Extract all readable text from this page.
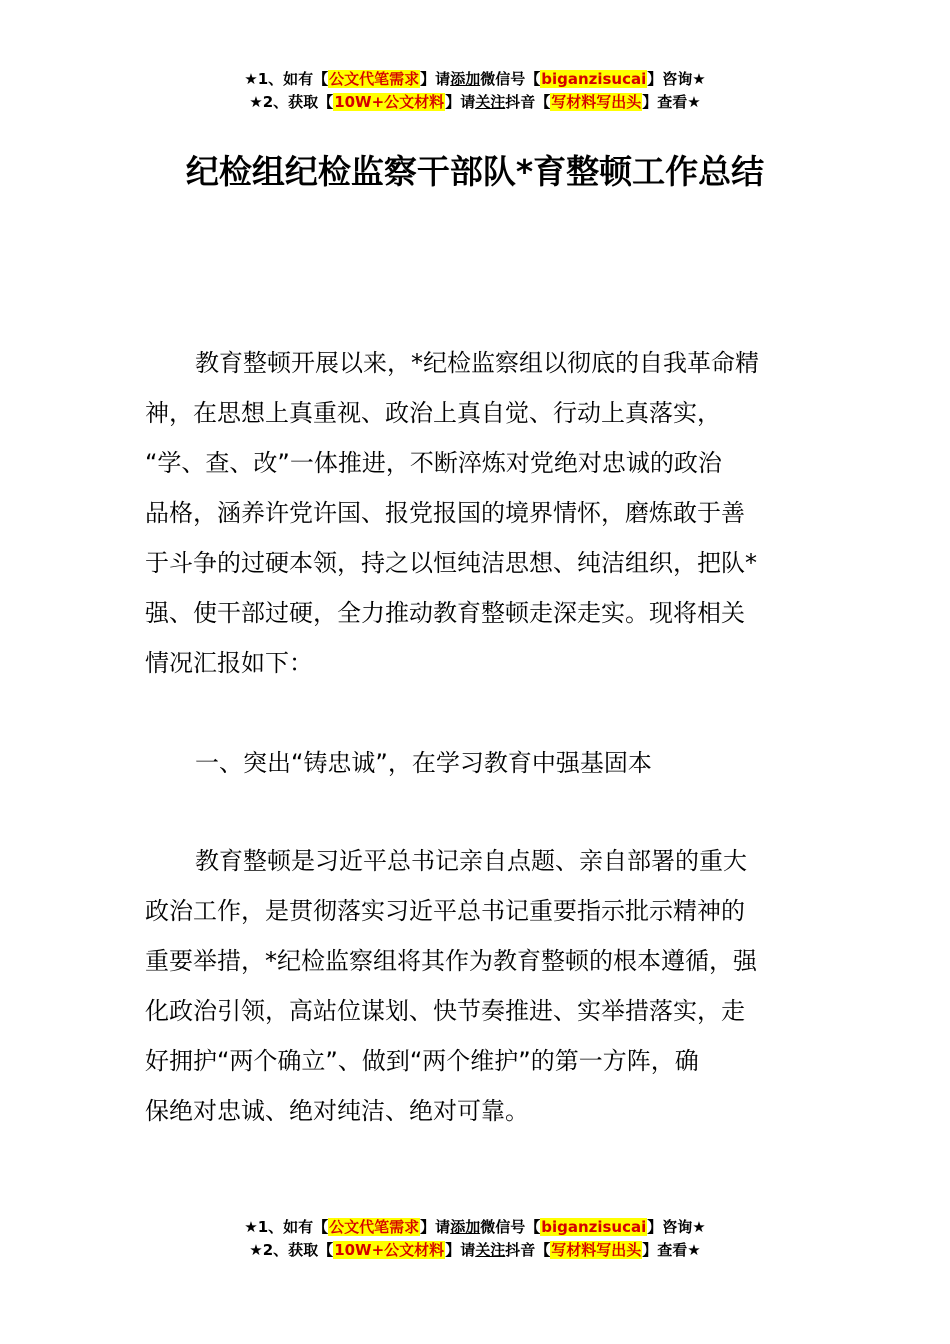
★1、如有【公文代笔需求】请添加微信号【biganzisucai】咨询★
★2、获取【10W+公文材料】请关注抖音【写材料写出头】查看★
纪检组纪检监察干部队*育整顿工作总结

教育整顿开展以来，*纪检监察组以彻底的自我革命精
神，在思想上真重视、政治上真自觉、行动上真落实，
“学、查、改”一体推进，不断淬炼对党绝对忠诚的政治
品格，涵养许党许国、报党报国的境界情怀，磨炼敢于善
于斗争的过硬本领，持之以恒纯洁思想、纯洁组织，把队*
强、使干部过硬，全力推动教育整顿走深走实。现将相关
情况汇报如下：

一、突出“铸忠诚”，在学习教育中强基固本

教育整顿是习近平总书记亲自点题、亲自部署的重大
政治工作，是贯彻落实习近平总书记重要指示批示精神的
重要举措，*纪检监察组将其作为教育整顿的根本遵循，强
化政治引领，高站位谋划、快节奏推进、实举措落实，走
好拥护“两个确立”、做到“两个维护”的第一方阵，确
保绝对忠诚、绝对纯洁、绝对可靠。

★1、如有【公文代笔需求】请添加微信号【biganzisucai】咨询★
★2、获取【10W+公文材料】请关注抖音【写材料写出头】查看★
